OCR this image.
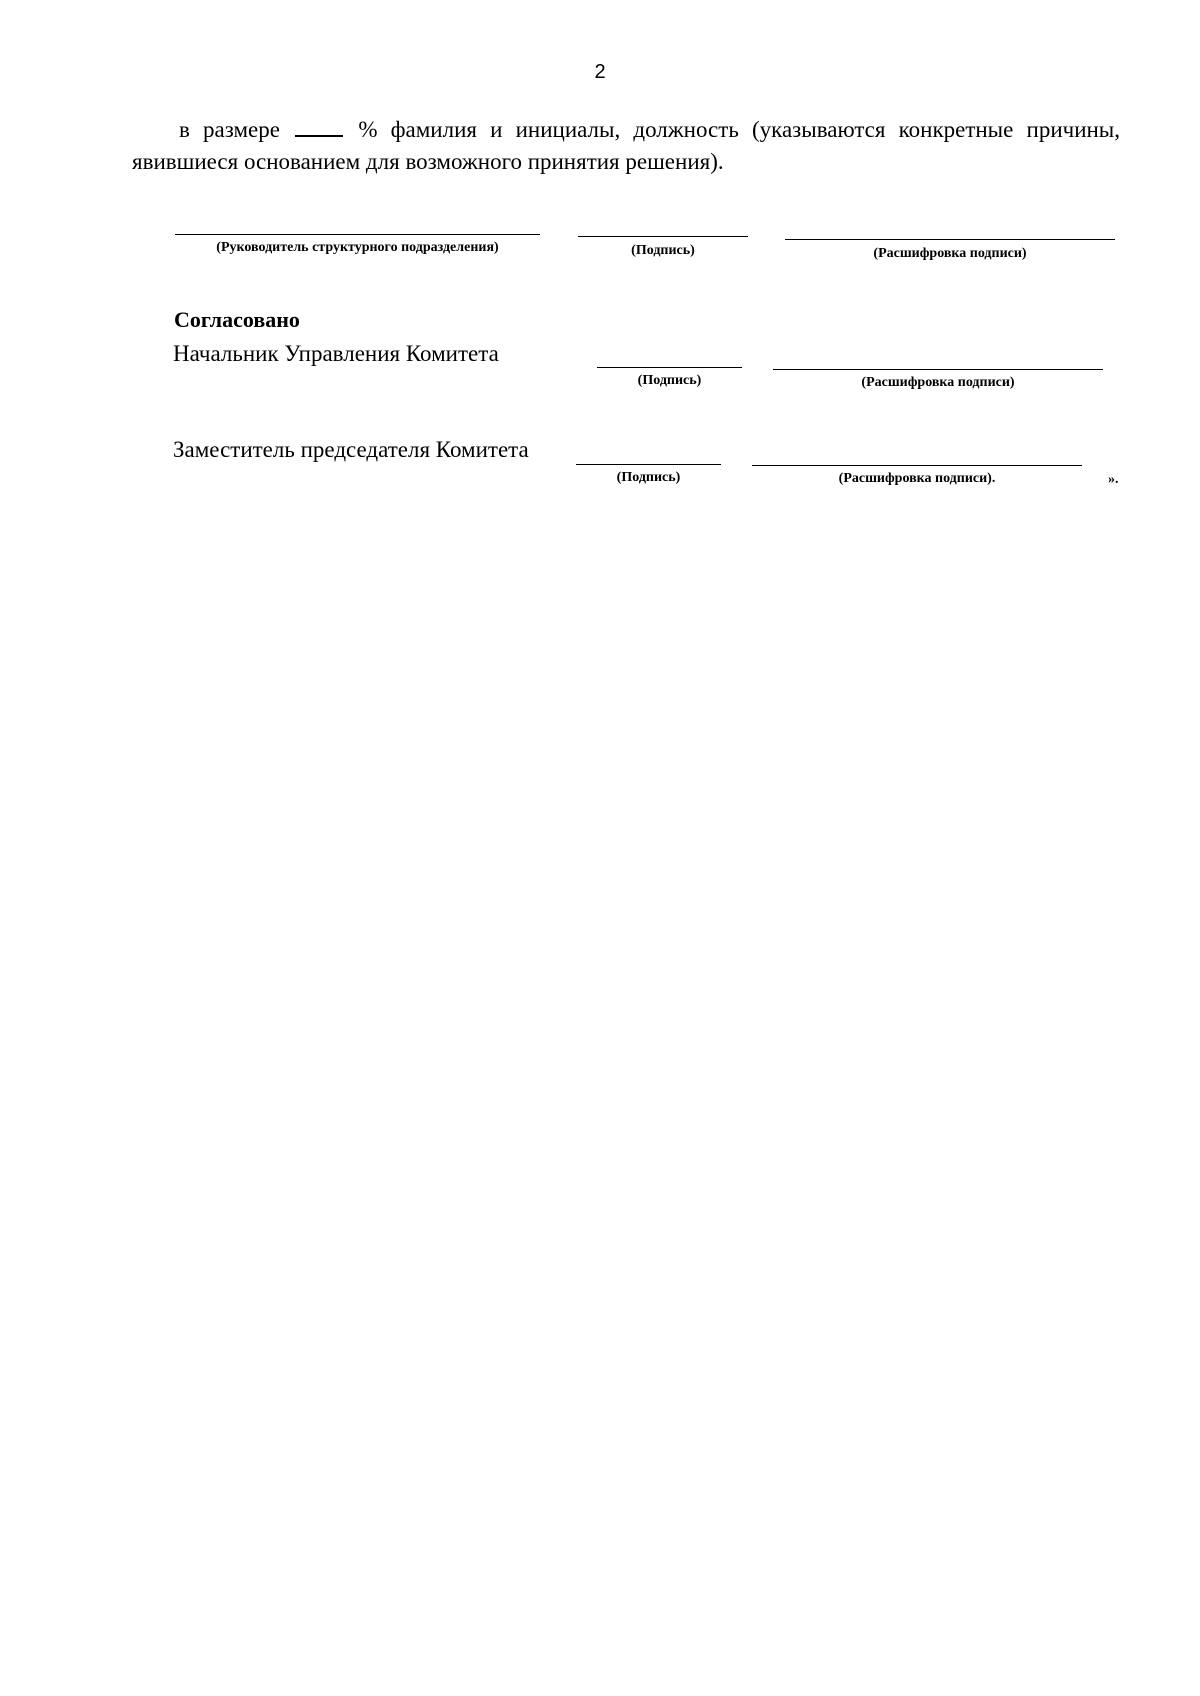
2
в размере	% фамилия и инициалы, должность (указываются конкретные причины, явившиеся основанием для возможного принятия решения).
(Руководитель структурного подразделения)	(Подпись)	(Расшифровка подписи)
Согласовано
Начальник Управления Комитета
(Подпись)	(Расшифровка подписи)
Заместитель председателя Комитета
(Подпись)	(Расшифровка подписи).	».
